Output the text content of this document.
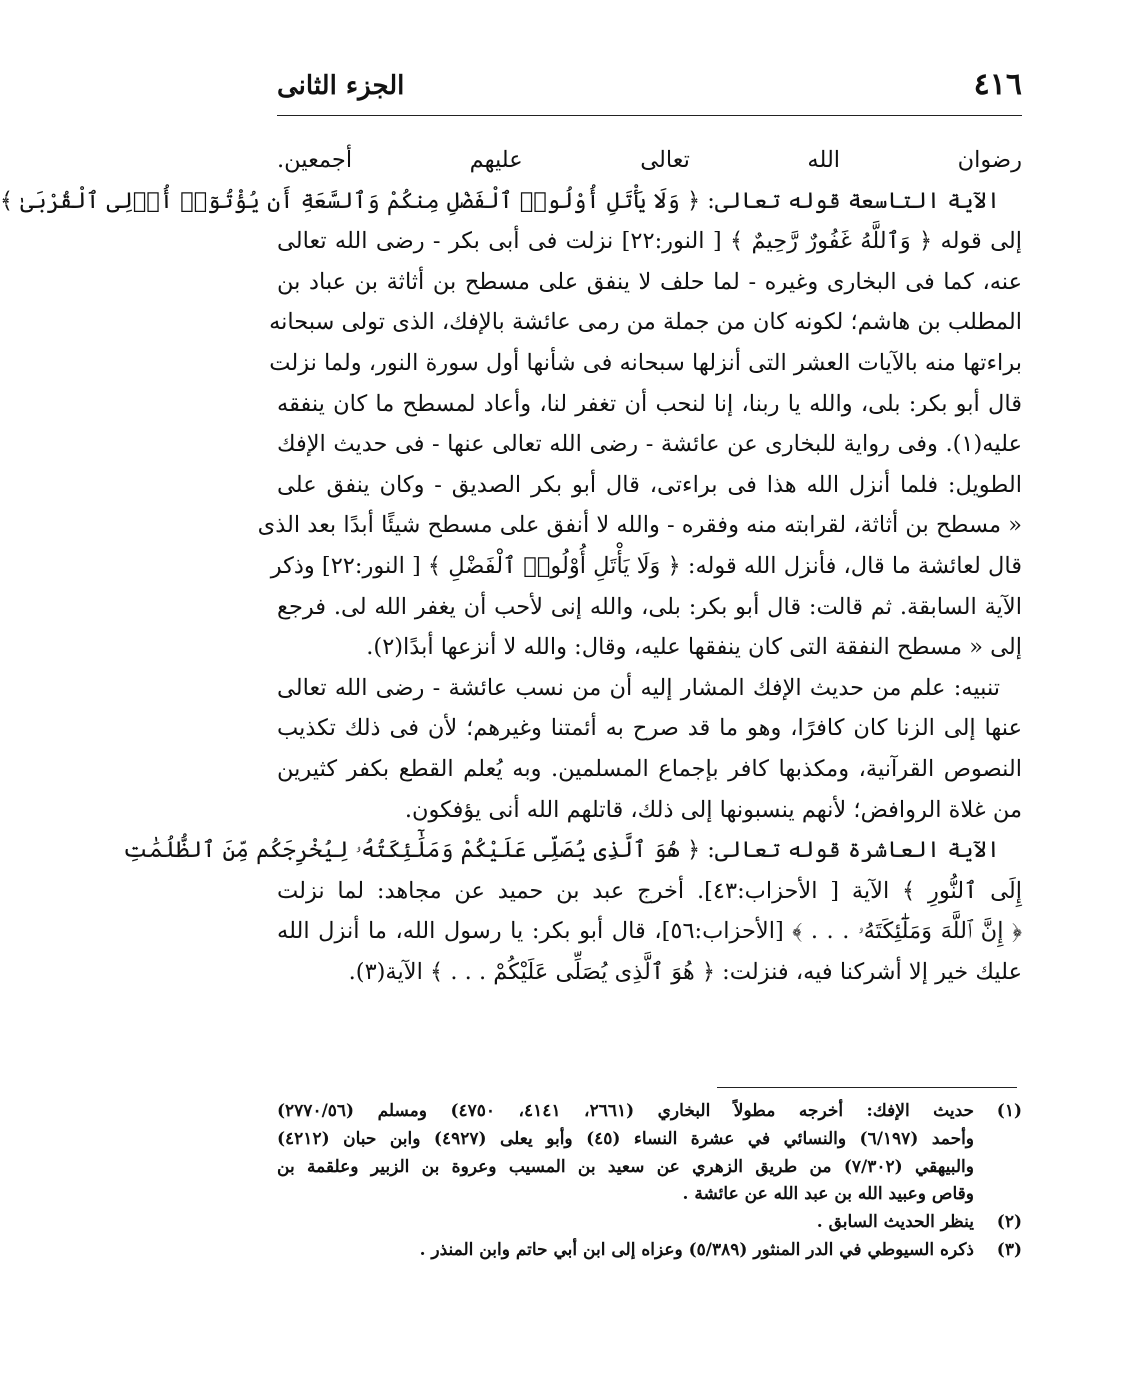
٤١٦
الجزء الثانى
رضوان الله تعالى عليهم أجمعين.
الآية التاسعة قوله تعالى: ﴿ وَلَا يَأْتَلِ أُوْلُوا۟ ٱلْفَضْلِ مِنكُمْ وَٱلسَّعَةِ أَن يُؤْتُوٓا۟ أُو۟لِى ٱلْقُرْبَىٰ ﴾
إلى قوله ﴿ وَٱللَّهُ غَفُورٌ رَّحِيمٌ ﴾ [ النور:٢٢] نزلت فى أبى بكر - رضى الله تعالى
عنه، كما فى البخارى وغيره - لما حلف لا ينفق على مسطح بن أثاثة بن عباد بن
المطلب بن هاشم؛ لكونه كان من جملة من رمى عائشة بالإفك، الذى تولى سبحانه
براءتها منه بالآيات العشر التى أنزلها سبحانه فى شأنها أول سورة النور، ولما نزلت
قال أبو بكر: بلى، والله يا ربنا، إنا لنحب أن تغفر لنا، وأعاد لمسطح ما كان ينفقه
عليه(١). وفى رواية للبخارى عن عائشة - رضى الله تعالى عنها - فى حديث الإفك
الطويل: فلما أنزل الله هذا فى براءتى، قال أبو بكر الصديق - وكان ينفق على
« مسطح بن أثاثة، لقرابته منه وفقره - والله لا أنفق على مسطح شيئًا أبدًا بعد الذى
قال لعائشة ما قال، فأنزل الله قوله: ﴿ وَلَا يَأْتَلِ أُوْلُوا۟ ٱلْفَضْلِ ﴾ [ النور:٢٢] وذكر
الآية السابقة. ثم قالت: قال أبو بكر: بلى، والله إنى لأحب أن يغفر الله لى. فرجع
إلى « مسطح النفقة التى كان ينفقها عليه، وقال: والله لا أنزعها أبدًا(٢).
تنبيه: علم من حديث الإفك المشار إليه أن من نسب عائشة - رضى الله تعالى
عنها إلى الزنا كان كافرًا، وهو ما قد صرح به أئمتنا وغيرهم؛ لأن فى ذلك تكذيب
النصوص القرآنية، ومكذبها كافر بإجماع المسلمين. وبه يُعلم القطع بكفر كثيرين
من غلاة الروافض؛ لأنهم ينسبونها إلى ذلك، قاتلهم الله أنى يؤفكون.
الآية العاشرة قوله تعالى: ﴿ هُوَ ٱلَّذِى يُصَلِّى عَلَيْكُمْ وَمَلَٰٓئِكَتُهُۥ لِيُخْرِجَكُم مِّنَ ٱلظُّلُمَٰتِ
إِلَى ٱلنُّورِ ﴾ الآية [ الأحزاب:٤٣]. أخرج عبد بن حميد عن مجاهد: لما نزلت
﴿ إِنَّ ٱللَّهَ وَمَلَٰٓئِكَتَهُۥ . . . ﴾ [الأحزاب:٥٦]، قال أبو بكر: يا رسول الله، ما أنزل الله
عليك خير إلا أشركنا فيه، فنزلت: ﴿ هُوَ ٱلَّذِى يُصَلِّى عَلَيْكُمْ . . . ﴾ الآية(٣).
(١)
حديث الإفك: أخرجه مطولاً البخاري (٢٦٦١، ٤١٤١، ٤٧٥٠) ومسلم (٢٧٧٠/٥٦)
وأحمد (٦/١٩٧) والنسائي في عشرة النساء (٤٥) وأبو يعلى (٤٩٢٧) وابن حبان (٤٢١٢)
والبيهقي (٧/٣٠٢) من طريق الزهري عن سعيد بن المسيب وعروة بن الزبير وعلقمة بن
وقاص وعبيد الله بن عبد الله عن عائشة .
(٢)
ينظر الحديث السابق .
(٣)
ذكره السيوطي في الدر المنثور (٥/٣٨٩) وعزاه إلى ابن أبي حاتم وابن المنذر .
